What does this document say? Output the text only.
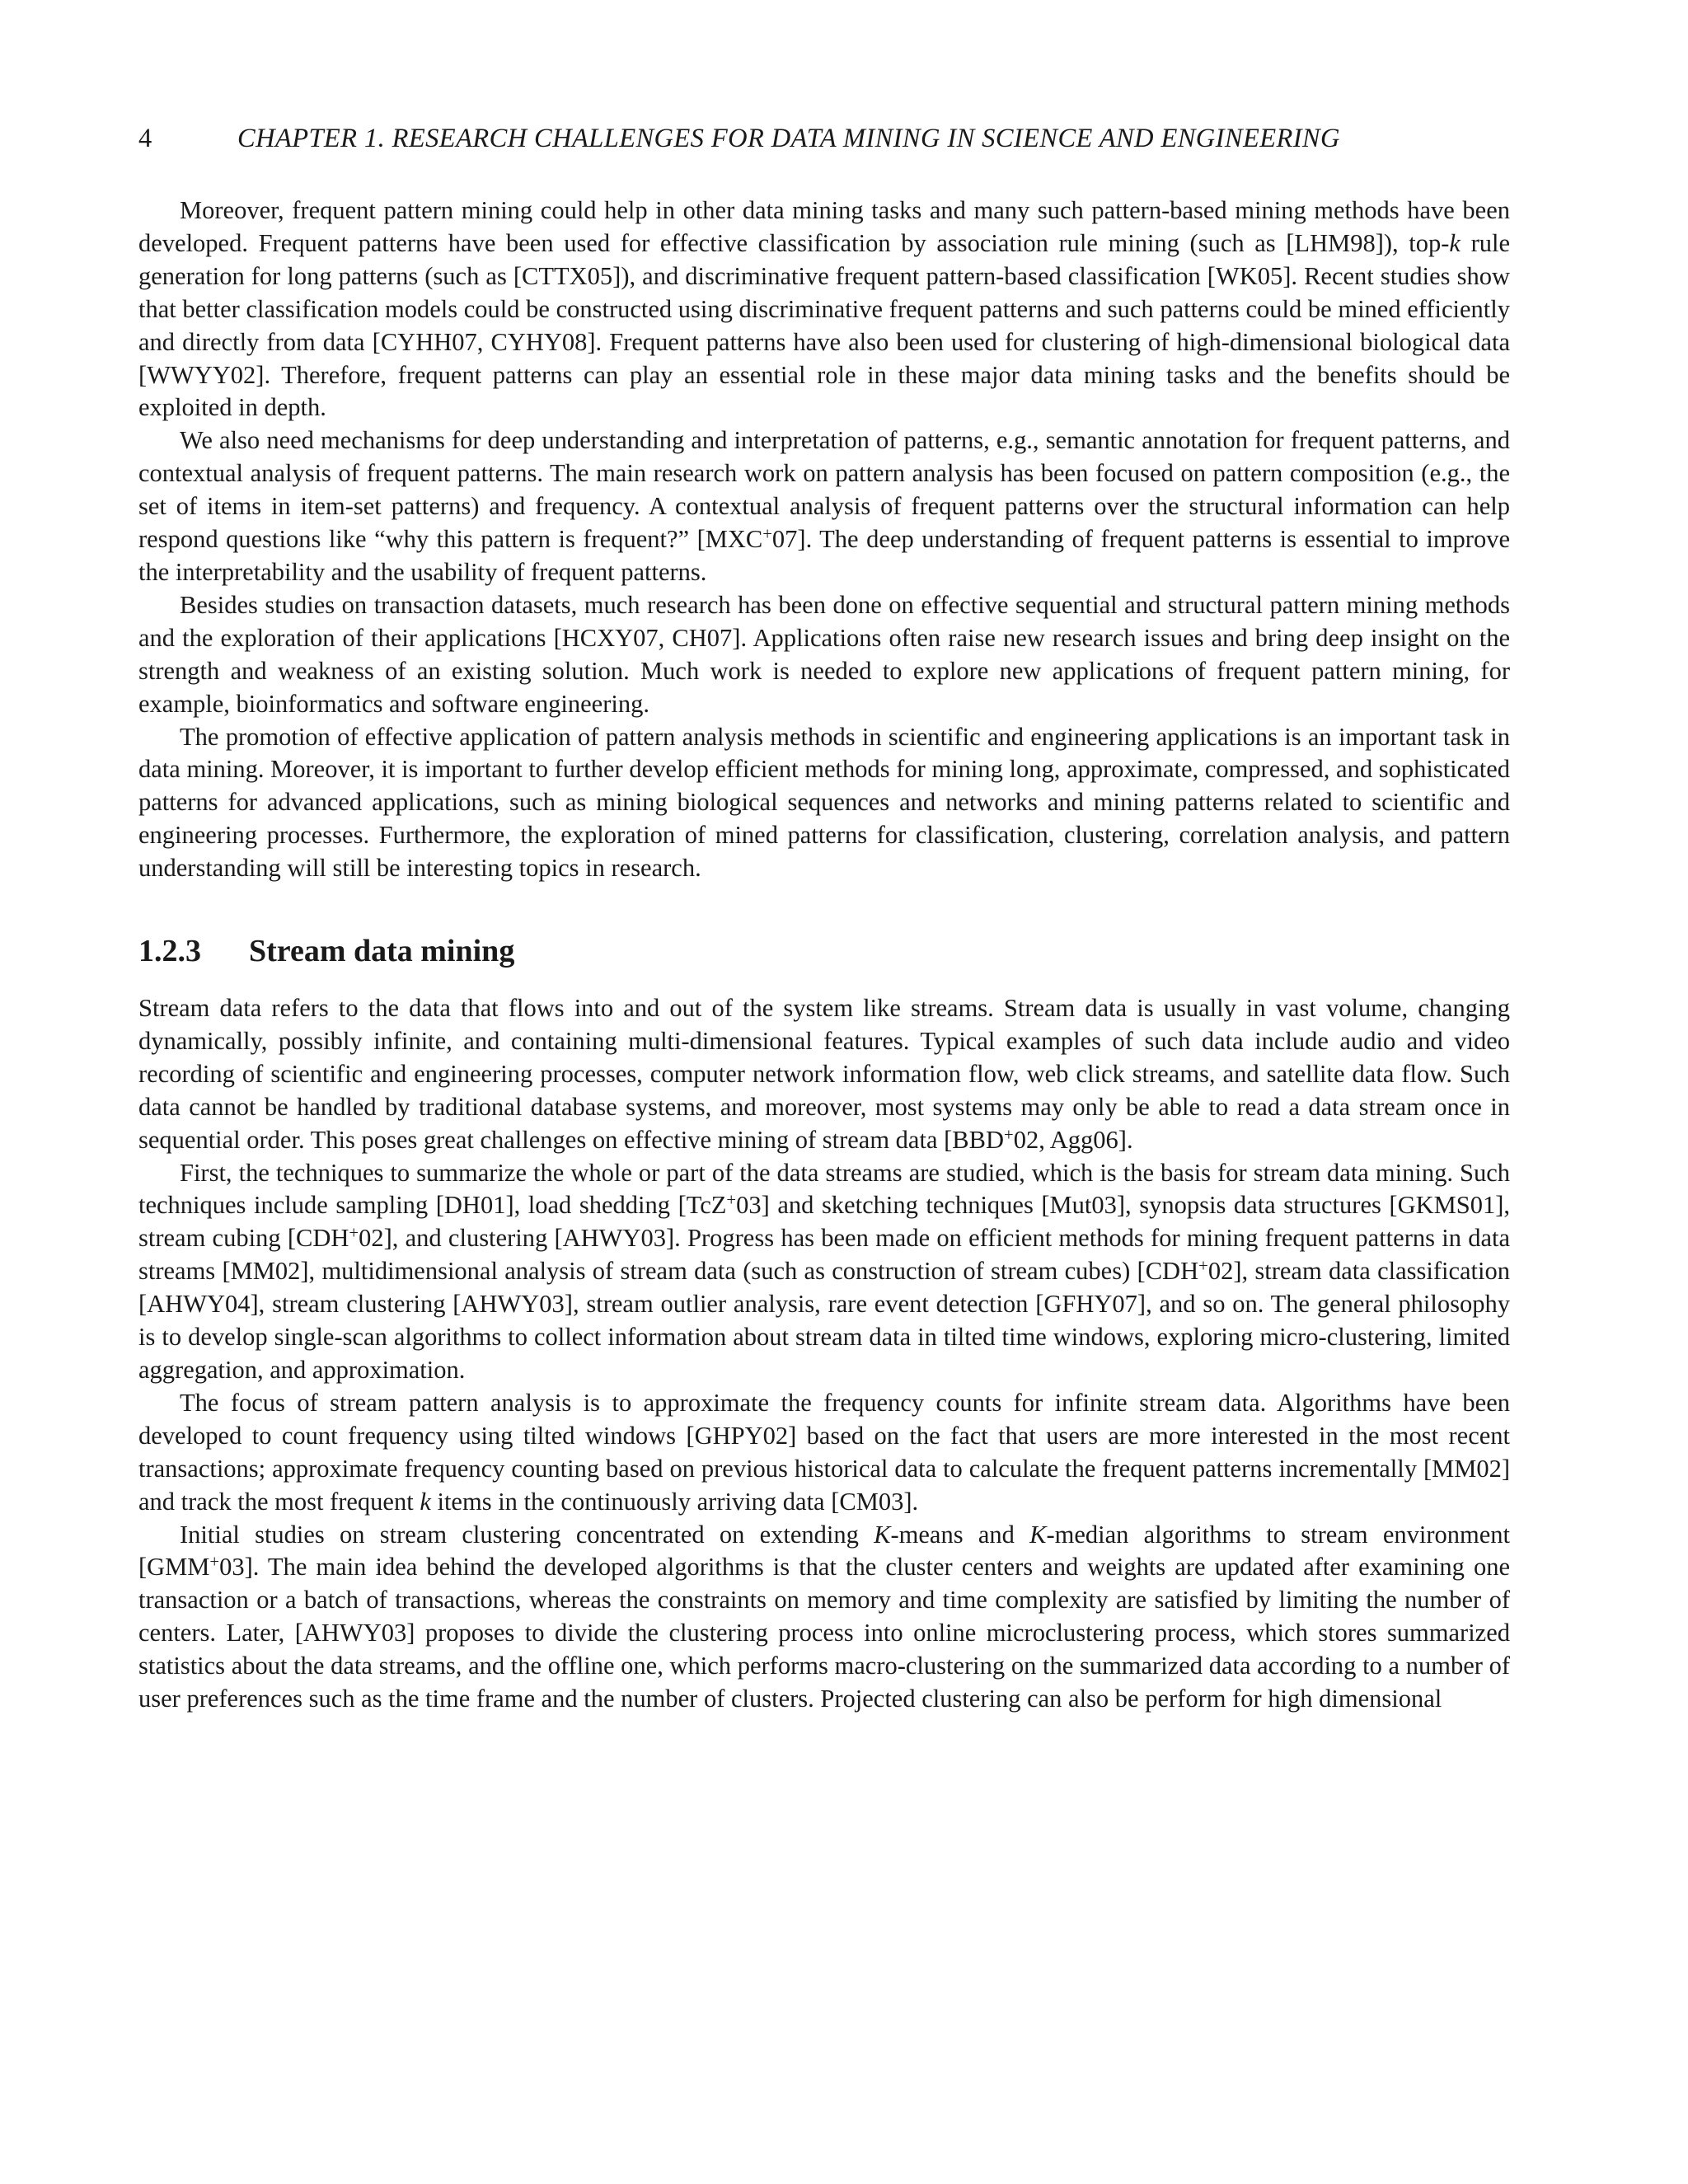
4	CHAPTER 1. RESEARCH CHALLENGES FOR DATA MINING IN SCIENCE AND ENGINEERING

Moreover, frequent pattern mining could help in other data mining tasks and many such pattern-based mining methods have been developed. Frequent patterns have been used for effective classification by association rule mining (such as [LHM98]), top-k rule generation for long patterns (such as [CTTX05]), and discriminative frequent pattern-based classification [WK05]. Recent studies show that better classification models could be constructed using discriminative frequent patterns and such patterns could be mined efficiently and directly from data [CYHH07, CYHY08]. Frequent patterns have also been used for clustering of high-dimensional biological data [WWYY02]. Therefore, frequent patterns can play an essential role in these major data mining tasks and the benefits should be exploited in depth.

We also need mechanisms for deep understanding and interpretation of patterns, e.g., semantic annotation for frequent patterns, and contextual analysis of frequent patterns. The main research work on pattern analysis has been focused on pattern composition (e.g., the set of items in item-set patterns) and frequency. A contextual analysis of frequent patterns over the structural information can help respond questions like “why this pattern is frequent?” [MXC+07]. The deep understanding of frequent patterns is essential to improve the interpretability and the usability of frequent patterns.

Besides studies on transaction datasets, much research has been done on effective sequential and structural pattern mining methods and the exploration of their applications [HCXY07, CH07]. Applications often raise new research issues and bring deep insight on the strength and weakness of an existing solution. Much work is needed to explore new applications of frequent pattern mining, for example, bioinformatics and software engineering.

The promotion of effective application of pattern analysis methods in scientific and engineering applications is an important task in data mining. Moreover, it is important to further develop efficient methods for mining long, approximate, compressed, and sophisticated patterns for advanced applications, such as mining biological sequences and networks and mining patterns related to scientific and engineering processes. Furthermore, the exploration of mined patterns for classification, clustering, correlation analysis, and pattern understanding will still be interesting topics in research.

1.2.3	Stream data mining

Stream data refers to the data that flows into and out of the system like streams. Stream data is usually in vast volume, changing dynamically, possibly infinite, and containing multi-dimensional features. Typical examples of such data include audio and video recording of scientific and engineering processes, computer network information flow, web click streams, and satellite data flow. Such data cannot be handled by traditional database systems, and moreover, most systems may only be able to read a data stream once in sequential order. This poses great challenges on effective mining of stream data [BBD+02, Agg06].

First, the techniques to summarize the whole or part of the data streams are studied, which is the basis for stream data mining. Such techniques include sampling [DH01], load shedding [TcZ+03] and sketching techniques [Mut03], synopsis data structures [GKMS01], stream cubing [CDH+02], and clustering [AHWY03]. Progress has been made on efficient methods for mining frequent patterns in data streams [MM02], multidimensional analysis of stream data (such as construction of stream cubes) [CDH+02], stream data classification [AHWY04], stream clustering [AHWY03], stream outlier analysis, rare event detection [GFHY07], and so on. The general philosophy is to develop single-scan algorithms to collect information about stream data in tilted time windows, exploring micro-clustering, limited aggregation, and approximation.

The focus of stream pattern analysis is to approximate the frequency counts for infinite stream data. Algorithms have been developed to count frequency using tilted windows [GHPY02] based on the fact that users are more interested in the most recent transactions; approximate frequency counting based on previous historical data to calculate the frequent patterns incrementally [MM02] and track the most frequent k items in the continuously arriving data [CM03].

Initial studies on stream clustering concentrated on extending K-means and K-median algorithms to stream environment [GMM+03]. The main idea behind the developed algorithms is that the cluster centers and weights are updated after examining one transaction or a batch of transactions, whereas the constraints on memory and time complexity are satisfied by limiting the number of centers. Later, [AHWY03] proposes to divide the clustering process into online microclustering process, which stores summarized statistics about the data streams, and the offline one, which performs macro-clustering on the summarized data according to a number of user preferences such as the time frame and the number of clusters. Projected clustering can also be perform for high dimensional
